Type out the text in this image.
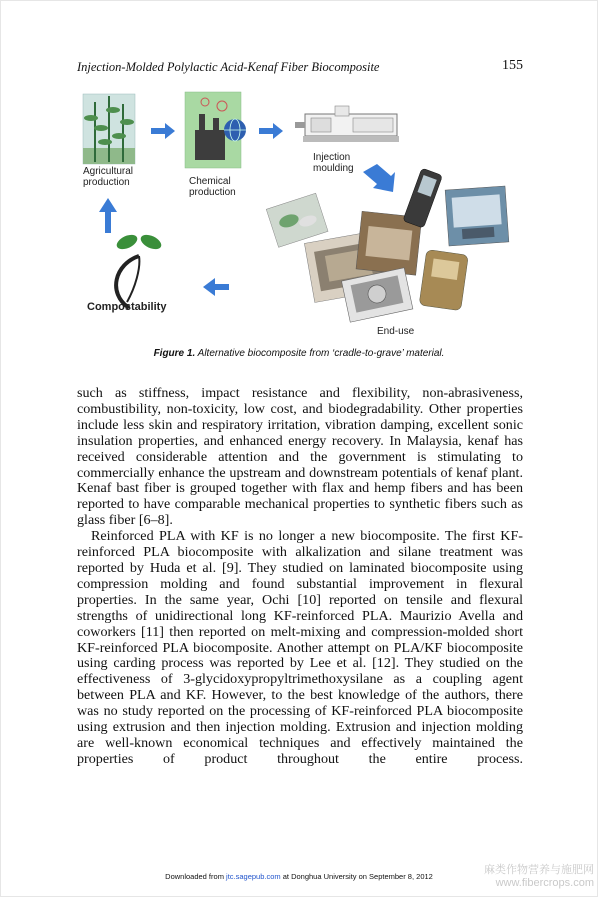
Injection-Molded Polylactic Acid-Kenaf Fiber Biocomposite	155
Agricultural
production	Chemical
production
Injection
moulding
Compostability
End-use
Figure 1. Alternative biocomposite from ‘cradle-to-grave’ material.

such as stiffness, impact resistance and flexibility, non-abrasiveness, combustibility, non-toxicity, low cost, and biodegradability. Other properties include less skin and respiratory irritation, vibration damping, excellent sonic insulation properties, and enhanced energy recovery. In Malaysia, kenaf has received considerable attention and the government is stimulating to commercially enhance the upstream and downstream potentials of kenaf plant. Kenaf bast fiber is grouped together with flax and hemp fibers and has been reported to have comparable mechanical properties to synthetic fibers such as glass fiber [6–8].

Reinforced PLA with KF is no longer a new biocomposite. The first KF-reinforced PLA biocomposite with alkalization and silane treatment was reported by Huda et al. [9]. They studied on laminated biocomposite using compression molding and found substantial improvement in flexural properties. In the same year, Ochi [10] reported on tensile and flexural strengths of unidirectional long KF-reinforced PLA. Maurizio Avella and coworkers [11] then reported on melt-mixing and compression-molded short KF-reinforced PLA biocomposite. Another attempt on PLA/KF biocomposite using carding process was reported by Lee et al. [12]. They studied on the effectiveness of 3-glycidoxypropyltrimethoxysilane as a coupling agent between PLA and KF. However, to the best knowledge of the authors, there was no study reported on the processing of KF-reinforced PLA biocomposite using extrusion and then injection molding. Extrusion and injection molding are well-known economical techniques and effectively maintained the properties of product throughout the entire process.

Downloaded from jtc.sagepub.com at Donghua University on September 8, 2012
麻类作物营养与施肥网
www.fibercrops.com
